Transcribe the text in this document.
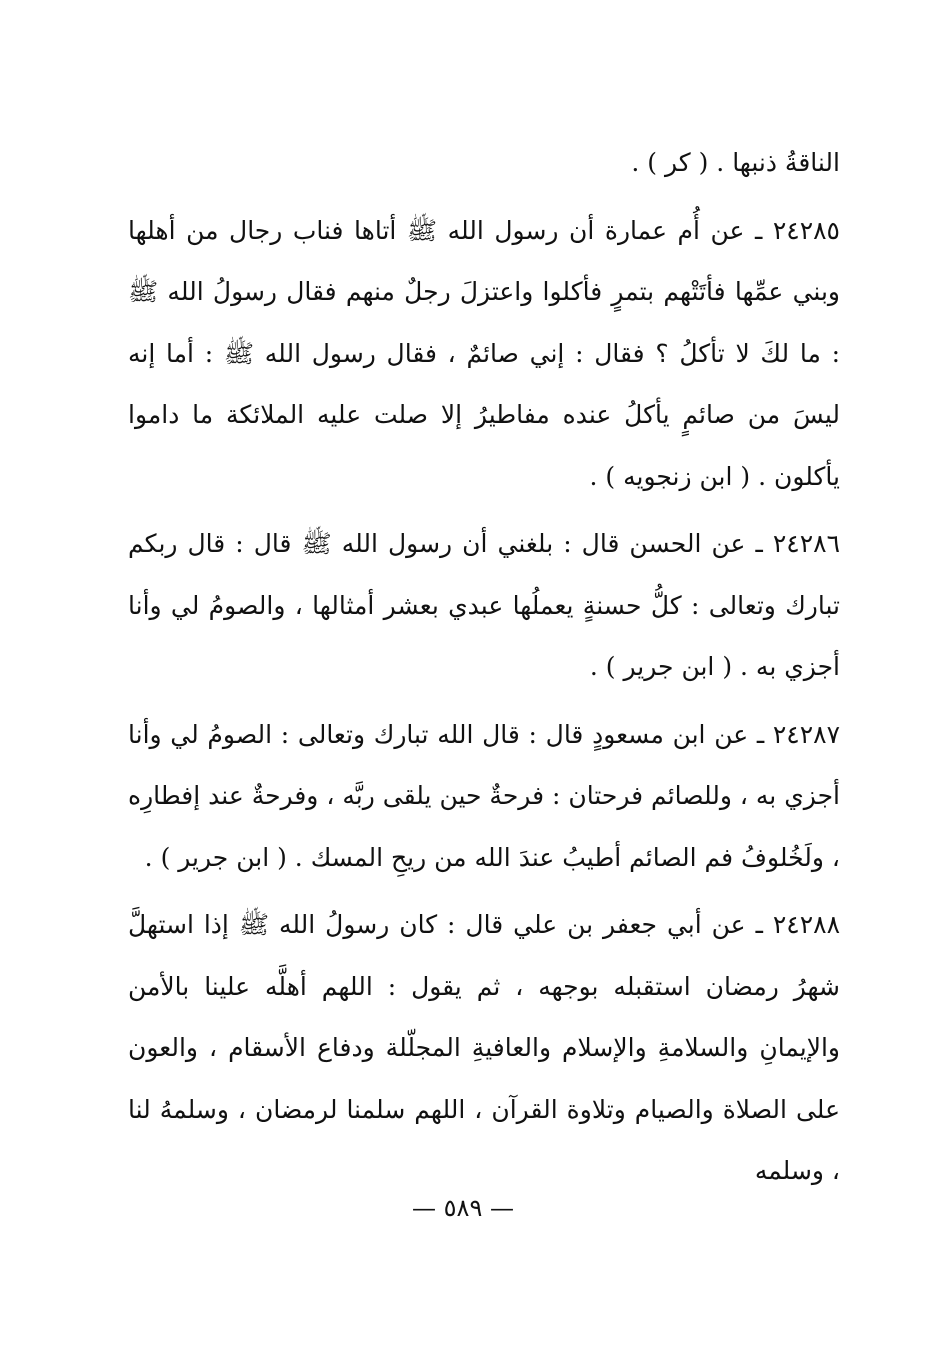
الناقةُ ذنبها . ( كر ) .

٢٤٢٨٥ ـ عن أُم عمارة أن رسول الله ﷺ أتاها فناب رجال من أهلها وبني عمِّها فأتَتْهم بتمرٍ فأكلوا واعتزلَ رجلٌ منهم فقال رسولُ الله ﷺ : ما لكَ لا تأكلُ ؟ فقال : إني صائمٌ ، فقال رسول الله ﷺ : أما إنه ليسَ من صائمٍ يأكلُ عنده مفاطيرُ إلا صلت عليه الملائكة ما داموا يأكلون . ( ابن زنجويه ) .

٢٤٢٨٦ ـ عن الحسن قال : بلغني أن رسول الله ﷺ قال : قال ربكم تبارك وتعالى : كلُّ حسنةٍ يعملُها عبدي بعشر أمثالها ، والصومُ لي وأنا أجزي به . ( ابن جرير ) .

٢٤٢٨٧ ـ عن ابن مسعودٍ قال : قال الله تبارك وتعالى : الصومُ لي وأنا أجزي به ، وللصائم فرحتان : فرحةٌ حين يلقى ربَّه ، وفرحةٌ عند إفطارِه ، ولَخُلوفُ فم الصائم أطيبُ عندَ الله من ريحِ المسك . ( ابن جرير ) .

٢٤٢٨٨ ـ عن أبي جعفر بن علي قال : كان رسولُ الله ﷺ إذا استهلَّ شهرُ رمضان استقبله بوجهه ، ثم يقول : اللهم أهلَّه علينا بالأمن والإيمانِ والسلامةِ والإسلام والعافيةِ المجلّلة ودفاع الأسقام ، والعون على الصلاة والصيام وتلاوة القرآن ، اللهم سلمنا لرمضان ، وسلمهُ لنا ، وسلمه

— ٥٨٩ —
